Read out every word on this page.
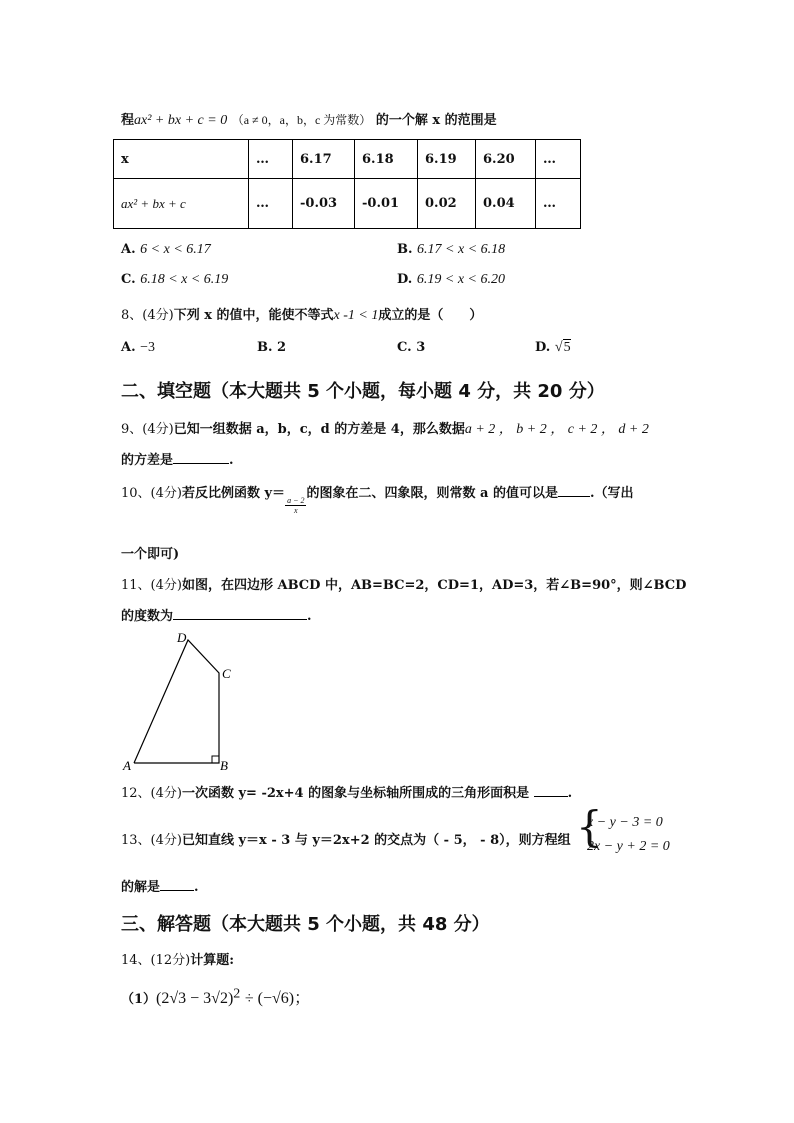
程ax² + bx + c = 0 （a ≠ 0，a，b，c 为常数） 的一个解 x 的范围是
x	…	6.17	6.18	6.19	6.20	…
ax² + bx + c	…	-0.03	-0.01	0.02	0.04	…
A. 6 < x < 6.17	B. 6.17 < x < 6.18
C. 6.18 < x < 6.19	D. 6.19 < x < 6.20
8、(4分)下列 x 的值中，能使不等式x -1 < 1成立的是（　　）
A. −3	B. 2	C. 3	D. √5
二、填空题（本大题共 5 个小题，每小题 4 分，共 20 分）
9、(4分)已知一组数据 a，b，c，d 的方差是 4，那么数据a + 2 ， b + 2 ， c + 2 ， d + 2
的方差是	.
10、(4分)若反比例函数 y＝
$\frac{a - 2}{x}$
的图象在二、四象限，则常数 a 的值可以是 .（写出
一个即可)
11、(4分)如图，在四边形 ABCD 中，AB=BC=2，CD=1，AD=3，若∠B=90°，则∠BCD
的度数为	.
A	B
C
D
12、(4分)一次函数 y= -2x+4 的图象与坐标轴所围成的三角形面积是	.
13、(4分)已知直线 y＝x - 3 与 y＝2x+2 的交点为（ - 5， - 8），则方程组 {
x − y − 3 = 0
2x − y + 2 = 0
的解是	.
三、解答题（本大题共 5 个小题，共 48 分）
14、(12分)计算题:
$(1)(2√3 - 3√2)^2 \div (-√6)$；
